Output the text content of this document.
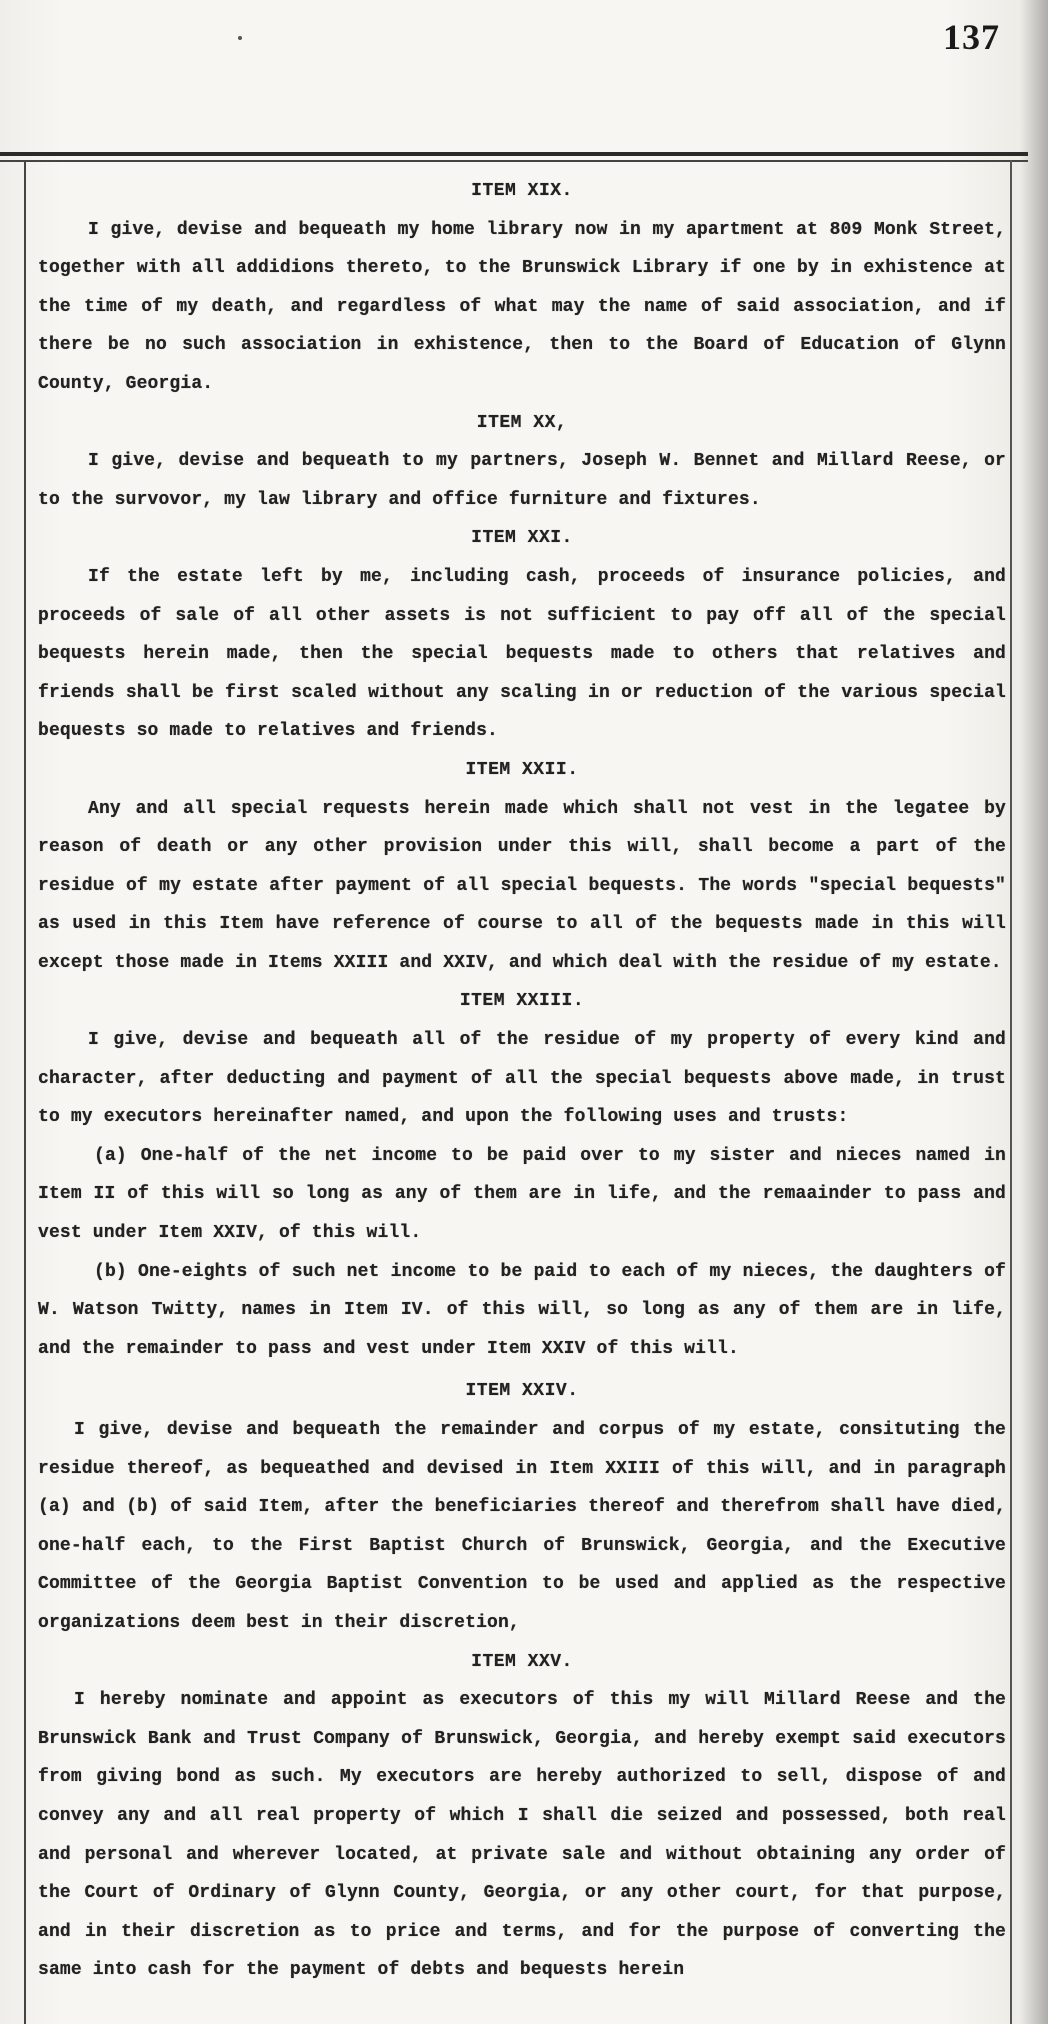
137
ITEM XIX.
I give, devise and bequeath my home library now in my apartment at 809 Monk Street, together with all addidions thereto, to the Brunswick Library if one by in exhistence at the time of my death, and regardless of what may the name of said association, and if there be no such association in exhistence, then to the Board of Education of Glynn County, Georgia.
ITEM XX,
I give, devise and bequeath to my partners, Joseph W. Bennet and Millard Reese, or to the survovor, my law library and office furniture and fixtures.
ITEM XXI.
If the estate left by me, including cash, proceeds of insurance policies, and proceeds of sale of all other assets is not sufficient to pay off all of the special bequests herein made, then the special bequests made to others that relatives and friends shall be first scaled without any scaling in or reduction of the various special bequests so made to relatives and friends.
ITEM XXII.
Any and all special requests herein made which shall not vest in the legatee by reason of death or any other provision under this will, shall become a part of the residue of my estate after payment of all special bequests. The words "special bequests" as used in this Item have reference of course to all of the bequests made in this will except those made in Items XXIII and XXIV, and which deal with the residue of my estate.
ITEM XXIII.
I give, devise and bequeath all of the residue of my property of every kind and character, after deducting and payment of all the special bequests above made, in trust to my executors hereinafter named, and upon the following uses and trusts:
(a) One-half of the net income to be paid over to my sister and nieces named in Item II of this will so long as any of them are in life, and the remaainder to pass and vest under Item XXIV, of this will.
(b) One-eights of such net income to be paid to each of my nieces, the daughters of W. Watson Twitty, names in Item IV. of this will, so long as any of them are in life, and the remainder to pass and vest under Item XXIV of this will.
ITEM XXIV.
I give, devise and bequeath the remainder and corpus of my estate, consituting the residue thereof, as bequeathed and devised in Item XXIII of this will, and in paragraph (a) and (b) of said Item, after the beneficiaries thereof and therefrom shall have died, one-half each, to the First Baptist Church of Brunswick, Georgia, and the Executive Committee of the Georgia Baptist Convention to be used and applied as the respective organizations deem best in their discretion,
ITEM XXV.
I hereby nominate and appoint as executors of this my will Millard Reese and the Brunswick Bank and Trust Company of Brunswick, Georgia, and hereby exempt said executors from giving bond as such. My executors are hereby authorized to sell, dispose of and convey any and all real property of which I shall die seized and possessed, both real and personal and wherever located, at private sale and without obtaining any order of the Court of Ordinary of Glynn County, Georgia, or any other court, for that purpose, and in their discretion as to price and terms, and for the purpose of converting the same into cash for the payment of debts and bequests herein
